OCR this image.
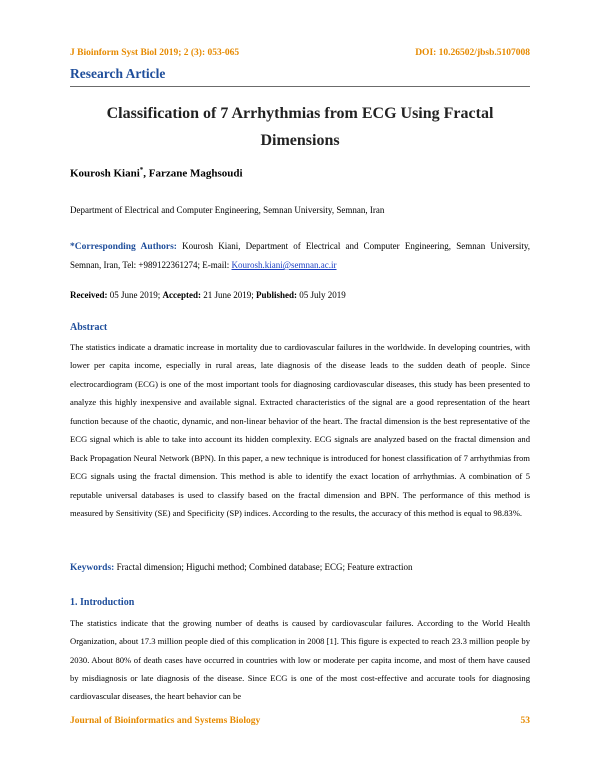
J Bioinform Syst Biol 2019; 2 (3): 053-065	DOI: 10.26502/jbsb.5107008
Research Article
Classification of 7 Arrhythmias from ECG Using Fractal Dimensions
Kourosh Kiani*, Farzane Maghsoudi
Department of Electrical and Computer Engineering, Semnan University, Semnan, Iran
*Corresponding Authors: Kourosh Kiani, Department of Electrical and Computer Engineering, Semnan University, Semnan, Iran, Tel: +989122361274; E-mail: Kourosh.kiani@semnan.ac.ir
Received: 05 June 2019; Accepted: 21 June 2019; Published: 05 July 2019
Abstract
The statistics indicate a dramatic increase in mortality due to cardiovascular failures in the worldwide. In developing countries, with lower per capita income, especially in rural areas, late diagnosis of the disease leads to the sudden death of people. Since electrocardiogram (ECG) is one of the most important tools for diagnosing cardiovascular diseases, this study has been presented to analyze this highly inexpensive and available signal. Extracted characteristics of the signal are a good representation of the heart function because of the chaotic, dynamic, and non-linear behavior of the heart. The fractal dimension is the best representative of the ECG signal which is able to take into account its hidden complexity. ECG signals are analyzed based on the fractal dimension and Back Propagation Neural Network (BPN). In this paper, a new technique is introduced for honest classification of 7 arrhythmias from ECG signals using the fractal dimension. This method is able to identify the exact location of arrhythmias. A combination of 5 reputable universal databases is used to classify based on the fractal dimension and BPN. The performance of this method is measured by Sensitivity (SE) and Specificity (SP) indices. According to the results, the accuracy of this method is equal to 98.83%.
Keywords: Fractal dimension; Higuchi method; Combined database; ECG; Feature extraction
1. Introduction
The statistics indicate that the growing number of deaths is caused by cardiovascular failures. According to the World Health Organization, about 17.3 million people died of this complication in 2008 [1]. This figure is expected to reach 23.3 million people by 2030. About 80% of death cases have occurred in countries with low or moderate per capita income, and most of them have caused by misdiagnosis or late diagnosis of the disease. Since ECG is one of the most cost-effective and accurate tools for diagnosing cardiovascular diseases, the heart behavior can be
Journal of Bioinformatics and Systems Biology	53
